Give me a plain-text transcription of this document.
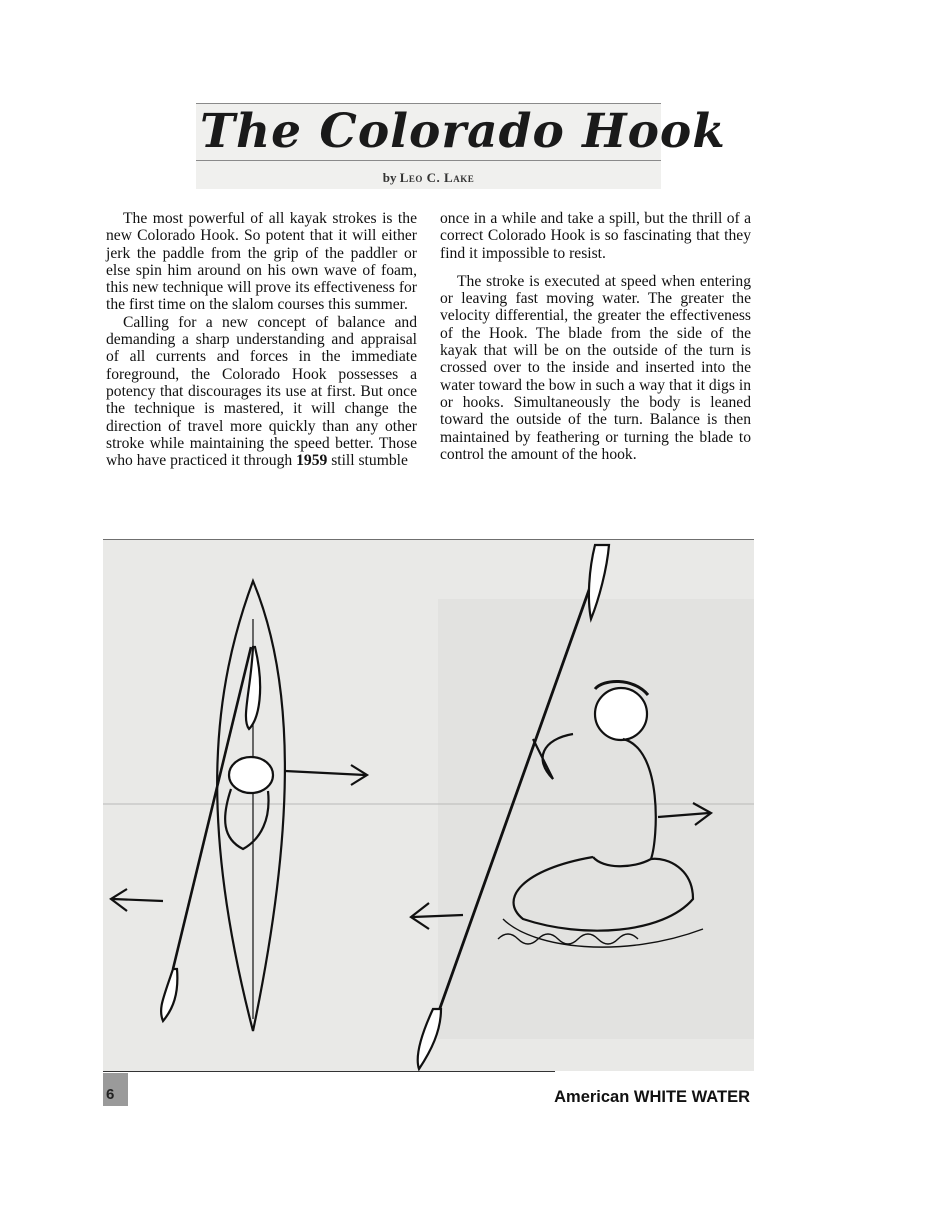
The Colorado Hook
by Leo C. Lake

The most powerful of all kayak strokes is the new Colorado Hook. So potent that it will either jerk the paddle from the grip of the paddler or else spin him around on his own wave of foam, this new technique will prove its effectiveness for the first time on the slalom courses this summer.

Calling for a new concept of balance and demanding a sharp understanding and appraisal of all currents and forces in the immediate foreground, the Colorado Hook possesses a potency that discourages its use at first. But once the technique is mastered, it will change the direction of travel more quickly than any other stroke while maintaining the speed better. Those who have practiced it through 1959 still stumble

once in a while and take a spill, but the thrill of a correct Colorado Hook is so fascinating that they find it impossible to resist.

The stroke is executed at speed when entering or leaving fast moving water. The greater the velocity differential, the greater the effectiveness of the Hook. The blade from the side of the kayak that will be on the outside of the turn is crossed over to the inside and inserted into the water toward the bow in such a way that it digs in or hooks. Simultaneously the body is leaned toward the outside of the turn. Balance is then maintained by feathering or turning the blade to control the amount of the hook.

6	American WHITE WATER
